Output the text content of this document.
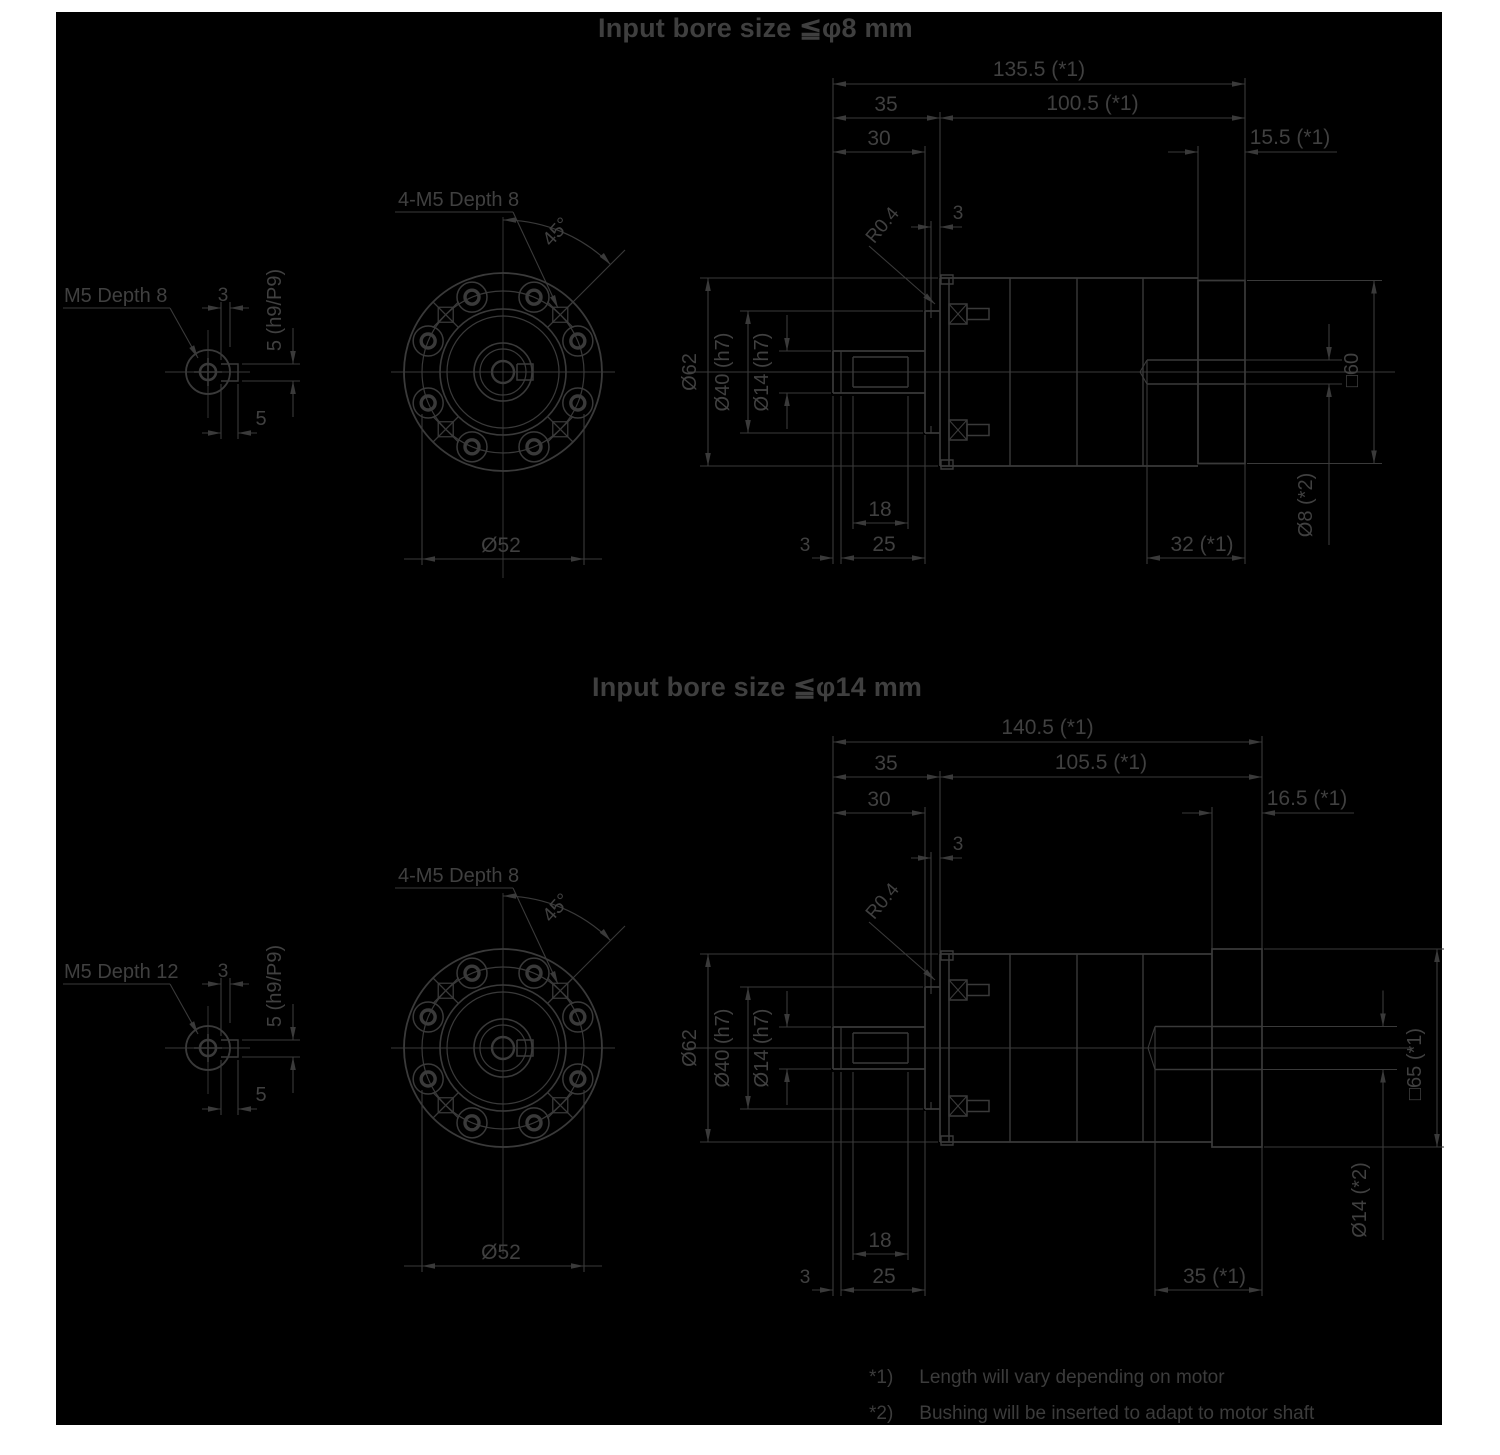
Input bore size ≦φ8 mm
Input bore size ≦φ14 mm
3 5 (h9/P9)
5
M5 Depth 8
45°
4-M5 Depth 8
Ø52
135.5 (*1)
35	100.5 (*1)
30	15.5 (*1)
3
R0.4
Ø62 Ø40 (h7) Ø14 (h7)
18
3	25	32 (*1)
□60
Ø8 (*2)
3 5 (h9/P9)
5
M5 Depth 12
45°
4-M5 Depth 8
Ø52
140.5 (*1)
35	105.5 (*1)
30	16.5 (*1)
3
R0.4
Ø62 Ø40 (h7) Ø14 (h7)
18
3	25	35 (*1)
□65 (*1)
Ø14 (*2)
*1) Length will vary depending on motor
*2) Bushing will be inserted to adapt to motor shaft
